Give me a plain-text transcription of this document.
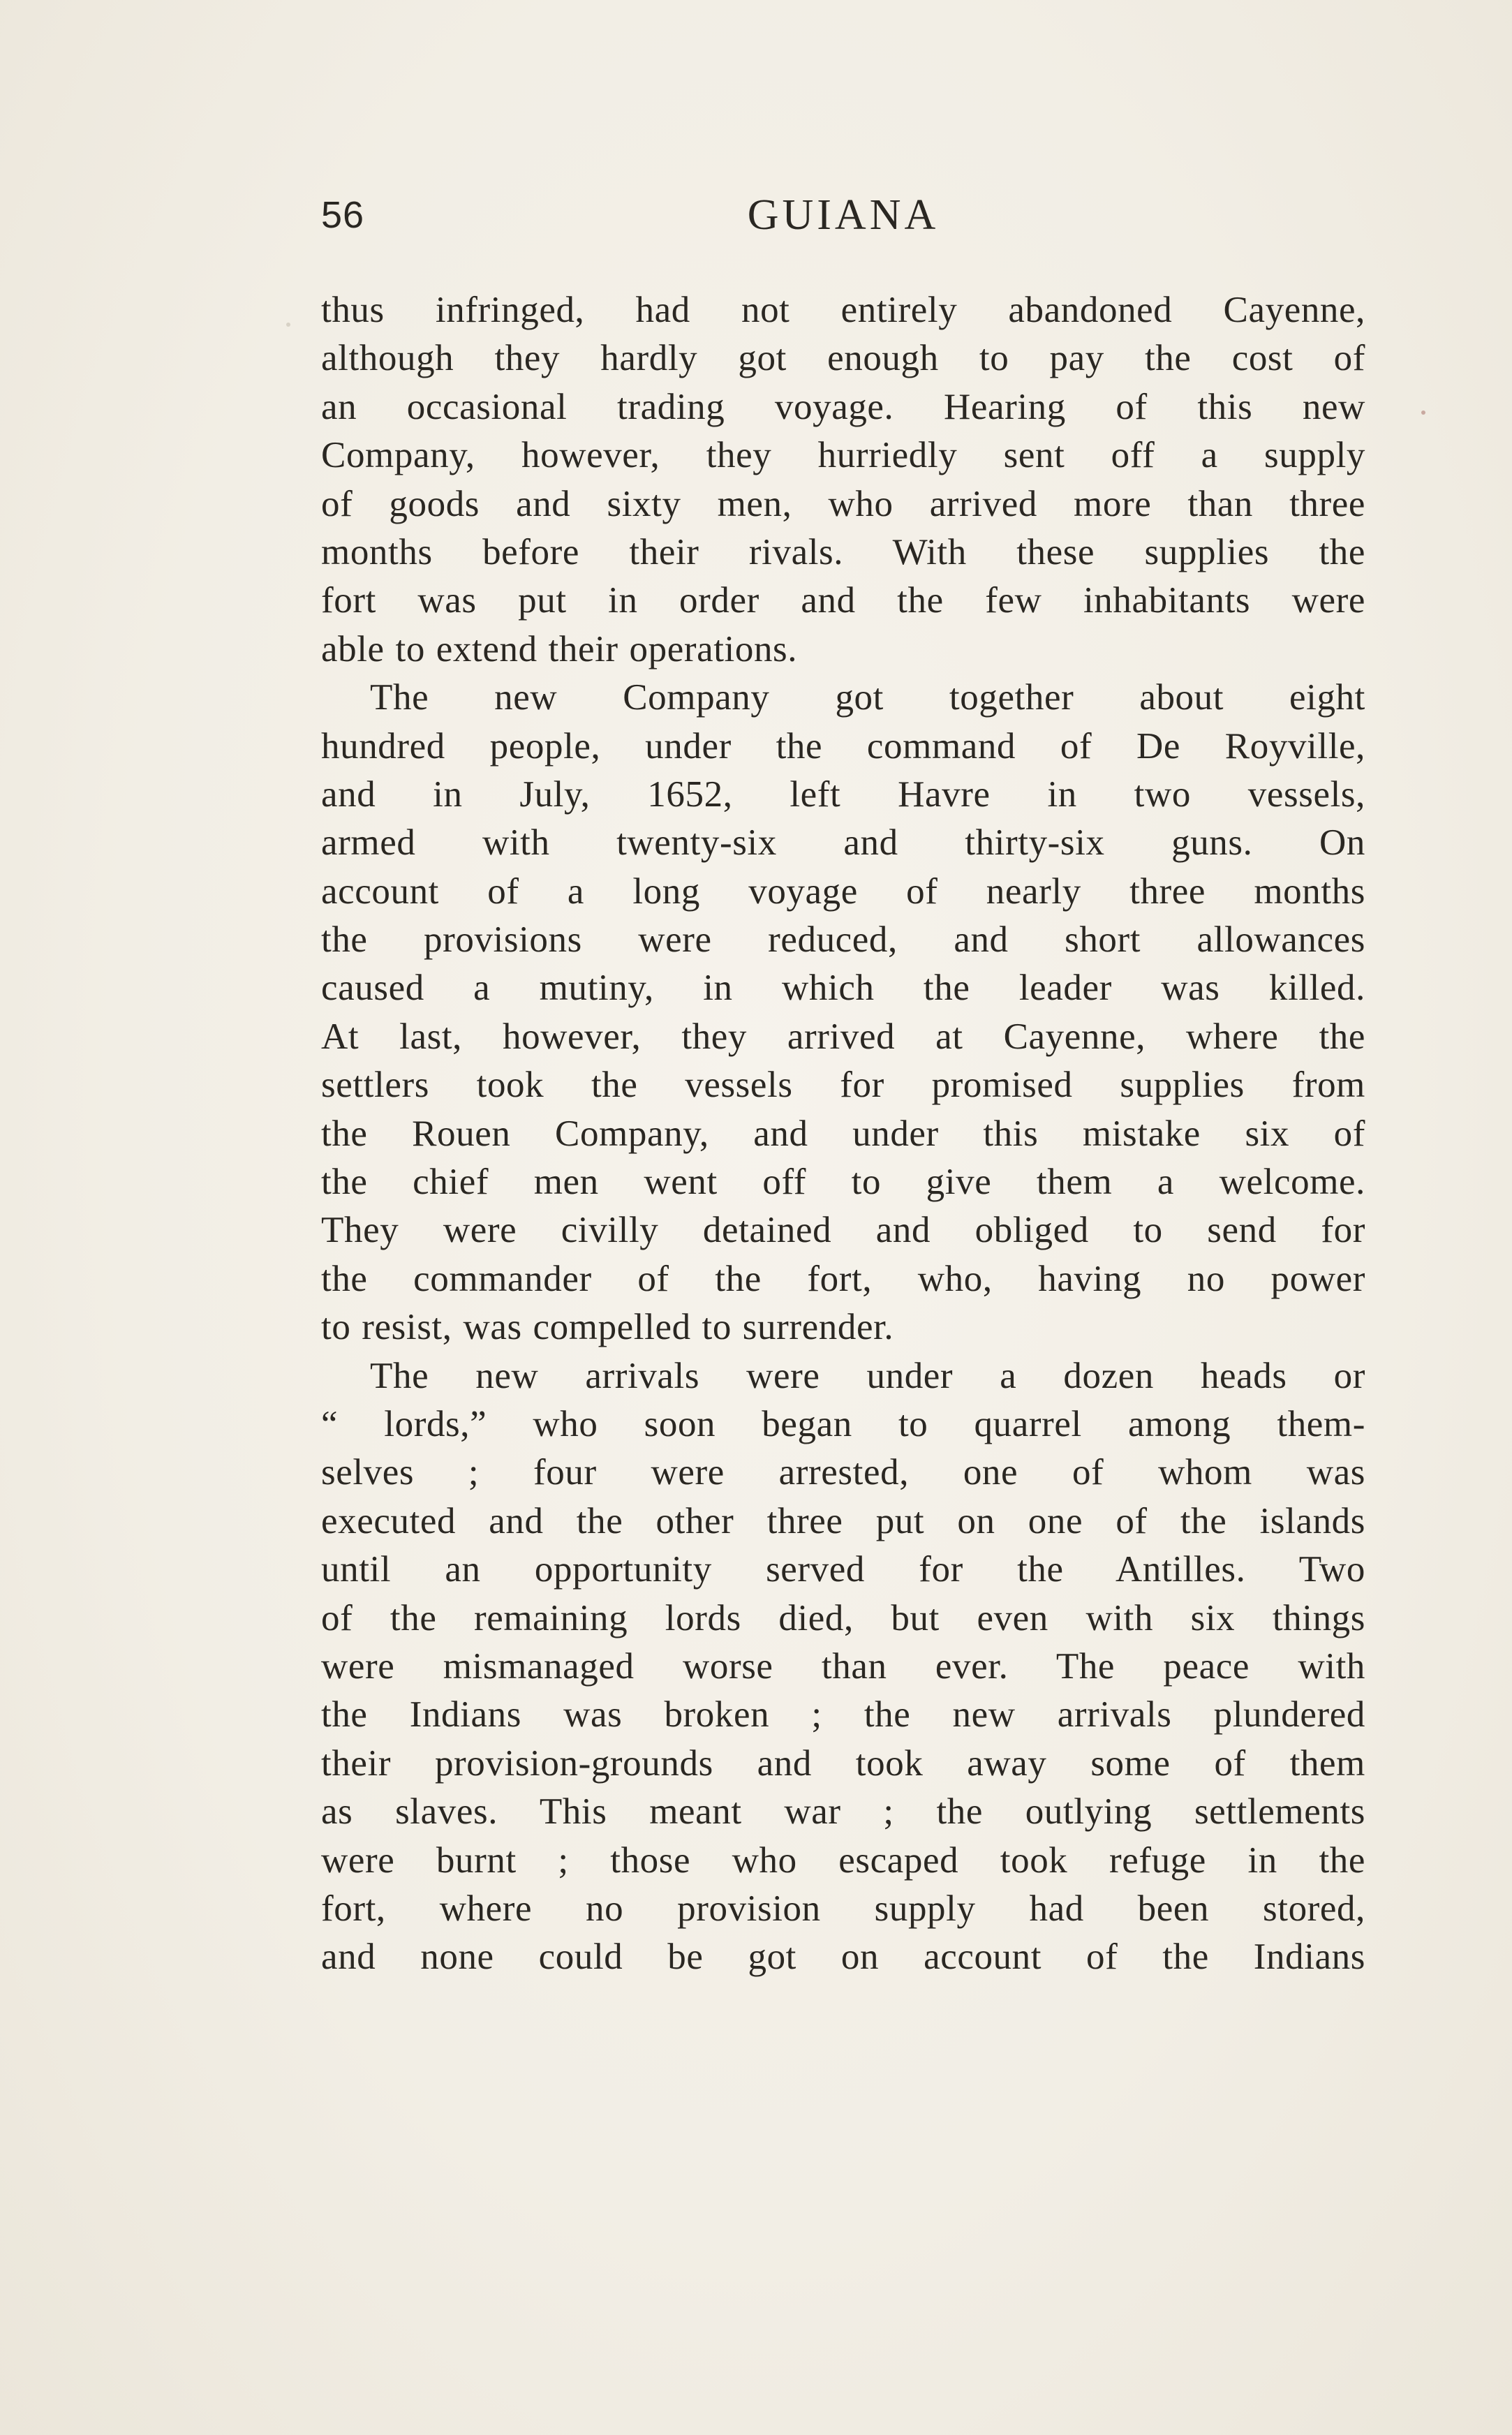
56	GUIANA
thus infringed, had not entirely abandoned Cayenne,
although they hardly got enough to pay the cost of
an occasional trading voyage. Hearing of this new
Company, however, they hurriedly sent off a supply
of goods and sixty men, who arrived more than three
months before their rivals. With these supplies the
fort was put in order and the few inhabitants were
able to extend their operations.
The new Company got together about eight
hundred people, under the command of De Royville,
and in July, 1652, left Havre in two vessels,
armed with twenty-six and thirty-six guns. On
account of a long voyage of nearly three months
the provisions were reduced, and short allowances
caused a mutiny, in which the leader was killed.
At last, however, they arrived at Cayenne, where the
settlers took the vessels for promised supplies from
the Rouen Company, and under this mistake six of
the chief men went off to give them a welcome.
They were civilly detained and obliged to send for
the commander of the fort, who, having no power
to resist, was compelled to surrender.
The new arrivals were under a dozen heads or
“ lords,” who soon began to quarrel among them-
selves ; four were arrested, one of whom was
executed and the other three put on one of the islands
until an opportunity served for the Antilles. Two
of the remaining lords died, but even with six things
were mismanaged worse than ever. The peace with
the Indians was broken ; the new arrivals plundered
their provision-grounds and took away some of them
as slaves. This meant war ; the outlying settlements
were burnt ; those who escaped took refuge in the
fort, where no provision supply had been stored,
and none could be got on account of the Indians
